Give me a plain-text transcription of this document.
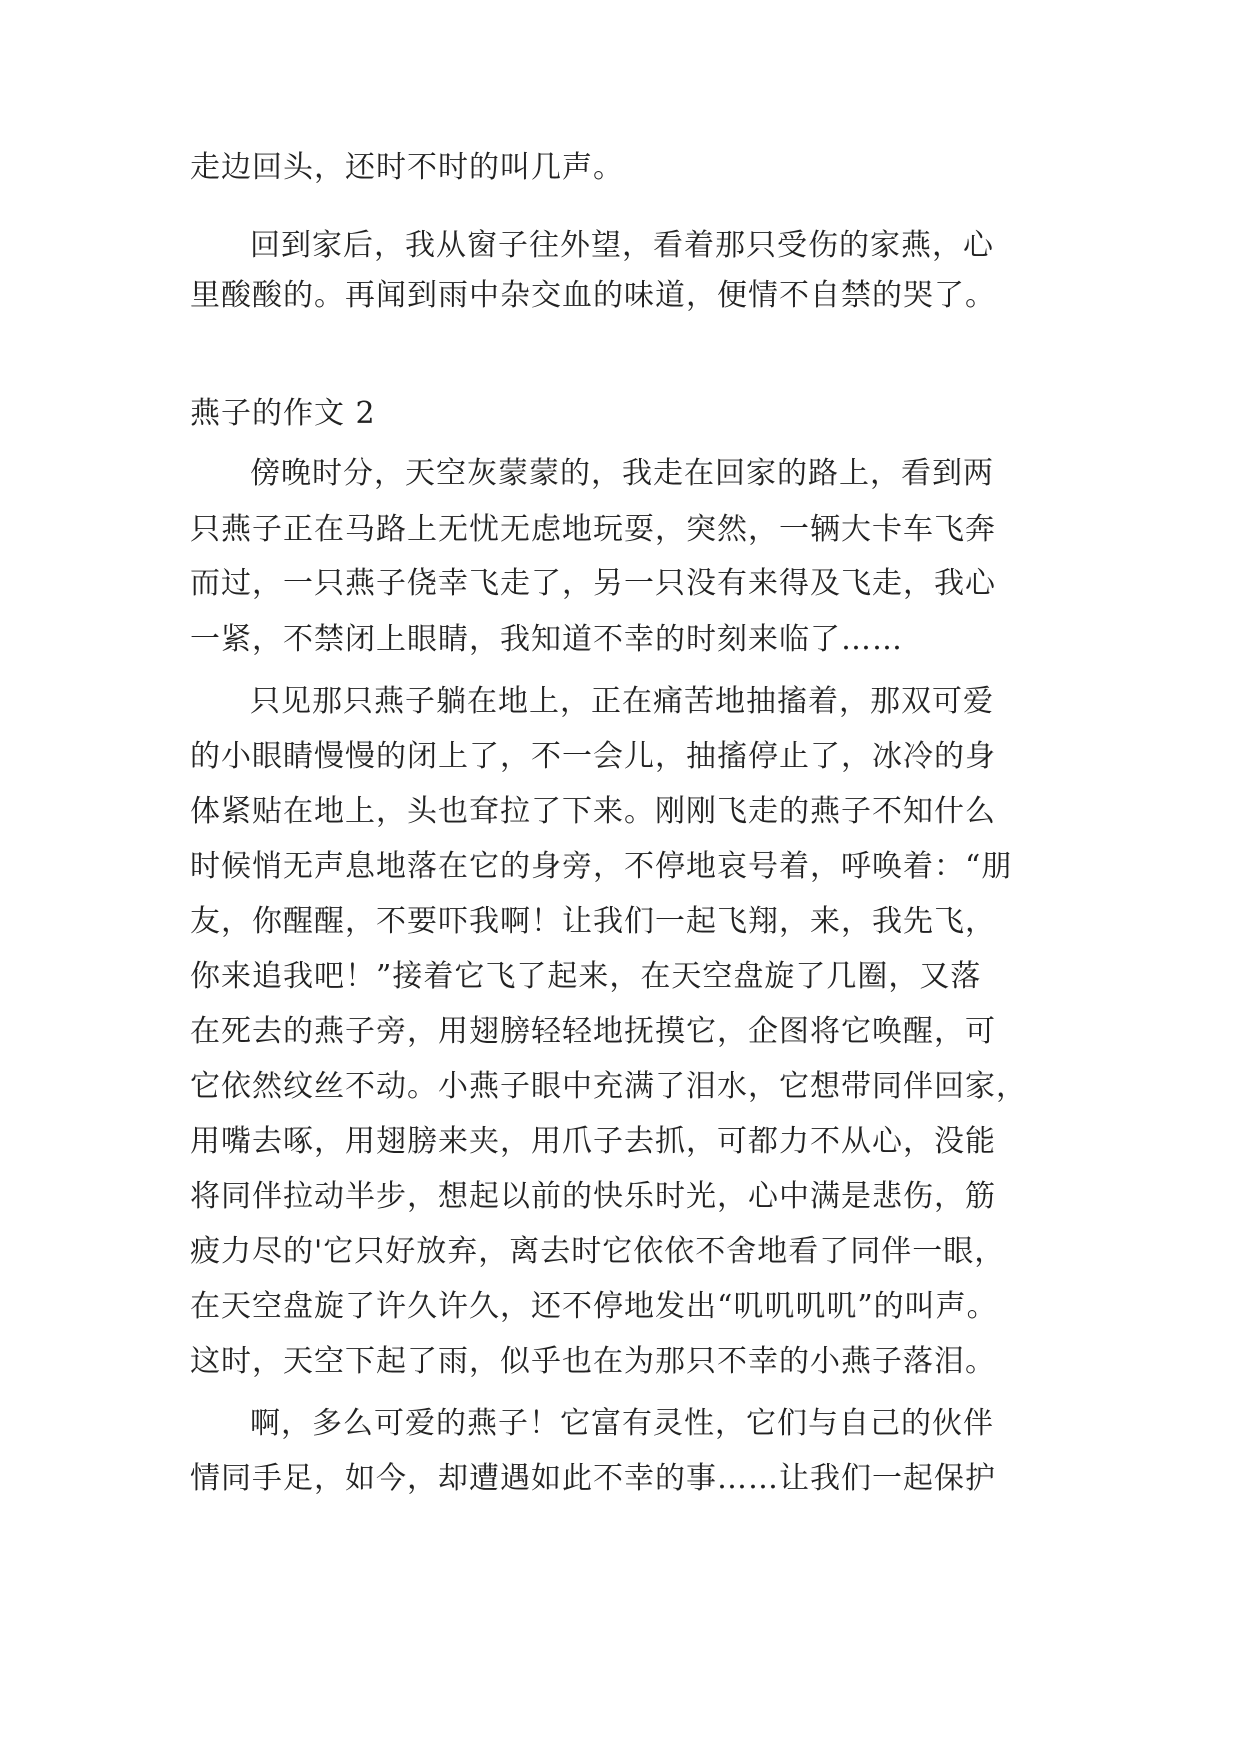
走边回头，还时不时的叫几声。
回到家后，我从窗子往外望，看着那只受伤的家燕，心
里酸酸的。再闻到雨中杂交血的味道，便情不自禁的哭了。
燕子的作文 2
傍晚时分，天空灰蒙蒙的，我走在回家的路上，看到两
只燕子正在马路上无忧无虑地玩耍，突然，一辆大卡车飞奔
而过，一只燕子侥幸飞走了，另一只没有来得及飞走，我心
一紧，不禁闭上眼睛，我知道不幸的时刻来临了……
只见那只燕子躺在地上，正在痛苦地抽搐着，那双可爱
的小眼睛慢慢的闭上了，不一会儿，抽搐停止了，冰冷的身
体紧贴在地上，头也耷拉了下来。刚刚飞走的燕子不知什么
时候悄无声息地落在它的身旁，不停地哀号着，呼唤着：“朋
友，你醒醒，不要吓我啊！让我们一起飞翔，来，我先飞，
你来追我吧！”接着它飞了起来，在天空盘旋了几圈，又落
在死去的燕子旁，用翅膀轻轻地抚摸它，企图将它唤醒，可
它依然纹丝不动。小燕子眼中充满了泪水，它想带同伴回家，
用嘴去啄，用翅膀来夹，用爪子去抓，可都力不从心，没能
将同伴拉动半步，想起以前的快乐时光，心中满是悲伤，筋
疲力尽的'它只好放弃，离去时它依依不舍地看了同伴一眼，
在天空盘旋了许久许久，还不停地发出“叽叽叽叽”的叫声。
这时，天空下起了雨，似乎也在为那只不幸的小燕子落泪。
啊，多么可爱的燕子！它富有灵性，它们与自己的伙伴
情同手足，如今，却遭遇如此不幸的事……让我们一起保护
